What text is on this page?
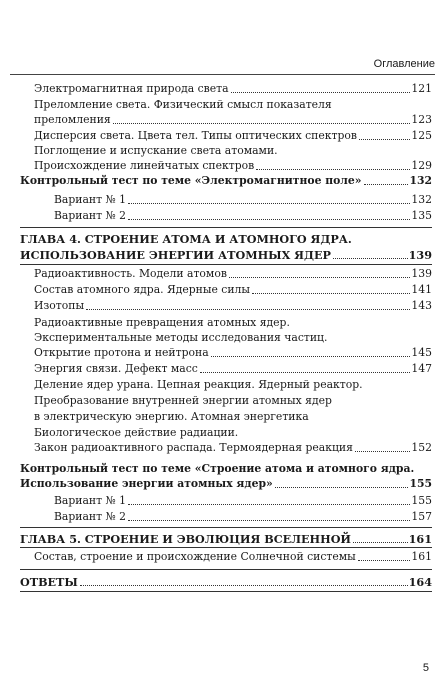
Оглавление
Электромагнитная природа света	121
Преломление света. Физический смысл показателя
преломления	123
Дисперсия света. Цвета тел. Типы оптических спектров	125
Поглощение и испускание света атомами.
Происхождение линейчатых спектров	129
Контрольный тест по теме «Электромагнитное поле»	132
Вариант № 1	132
Вариант № 2	135
ГЛАВА 4. СТРОЕНИЕ АТОМА И АТОМНОГО ЯДРА.
ИСПОЛЬЗОВАНИЕ ЭНЕРГИИ АТОМНЫХ ЯДЕР	139
Радиоактивность. Модели атомов	139
Состав атомного ядра. Ядерные силы	141
Изотопы	143
Радиоактивные превращения атомных ядер.
Экспериментальные методы исследования частиц.
Открытие протона и нейтрона	145
Энергия связи. Дефект масс	147
Деление ядер урана. Цепная реакция. Ядерный реактор.
Преобразование внутренней энергии атомных ядер
в электрическую энергию. Атомная энергетика
Биологическое действие радиации.
Закон радиоактивного распада. Термоядерная реакция	152
Контрольный тест по теме «Строение атома и атомного ядра.
Использование энергии атомных ядер»	155
Вариант № 1	155
Вариант № 2	157
ГЛАВА 5. СТРОЕНИЕ И ЭВОЛЮЦИЯ ВСЕЛЕННОЙ	161
Состав, строение и происхождение Солнечной системы	161
ОТВЕТЫ	164
5
